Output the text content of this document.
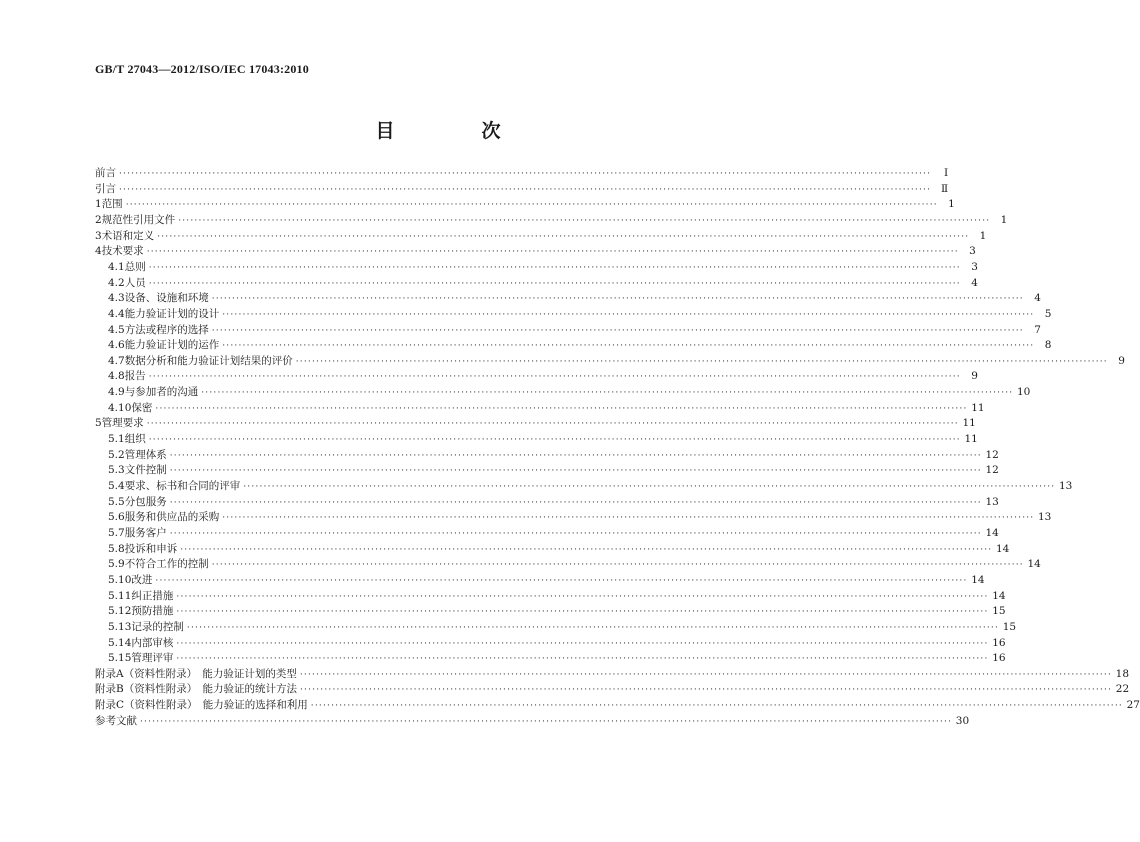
GB/T 27043—2012/ISO/IEC 17043:2010
目　次
前言 ········································································································································································································	Ⅰ
引言 ········································································································································································································ Ⅱ
1 范围 ········································································································································································································ 1
2 规范性引用文件 ········································································································································································································ 1
3 术语和定义 ········································································································································································································ 1
4 技术要求 ········································································································································································································ 3
4.1 总则 ········································································································································································································ 3
4.2 人员 ········································································································································································································ 4
4.3 设备、设施和环境 ········································································································································································································ 4
4.4 能力验证计划的设计 ········································································································································································································ 5
4.5 方法或程序的选择 ········································································································································································································ 7
4.6 能力验证计划的运作 ········································································································································································································ 8
4.7 数据分析和能力验证计划结果的评价 ········································································································································································································ 9
4.8 报告 ········································································································································································································ 9
4.9 与参加者的沟通 ········································································································································································································ 10
4.10 保密 ········································································································································································································ 11
5 管理要求 ········································································································································································································ 11
5.1 组织 ········································································································································································································ 11
5.2 管理体系 ········································································································································································································ 12
5.3 文件控制 ········································································································································································································ 12
5.4 要求、标书和合同的评审 ········································································································································································································ 13
5.5 分包服务 ········································································································································································································ 13
5.6 服务和供应品的采购 ········································································································································································································ 13
5.7 服务客户 ········································································································································································································ 14
5.8 投诉和申诉 ········································································································································································································ 14
5.9 不符合工作的控制 ········································································································································································································ 14
5.10 改进 ········································································································································································································ 14
5.11 纠正措施 ········································································································································································································ 14
5.12 预防措施 ········································································································································································································ 15
5.13 记录的控制 ········································································································································································································ 15
5.14 内部审核 ········································································································································································································ 16
5.15 管理评审 ········································································································································································································ 16
附录A（资料性附录）　能力验证计划的类型 ········································································································································································································ 18
附录B（资料性附录）　能力验证的统计方法 ········································································································································································································ 22
附录C（资料性附录）　能力验证的选择和利用 ········································································································································································································ 27
参考文献 ········································································································································································································ 30
